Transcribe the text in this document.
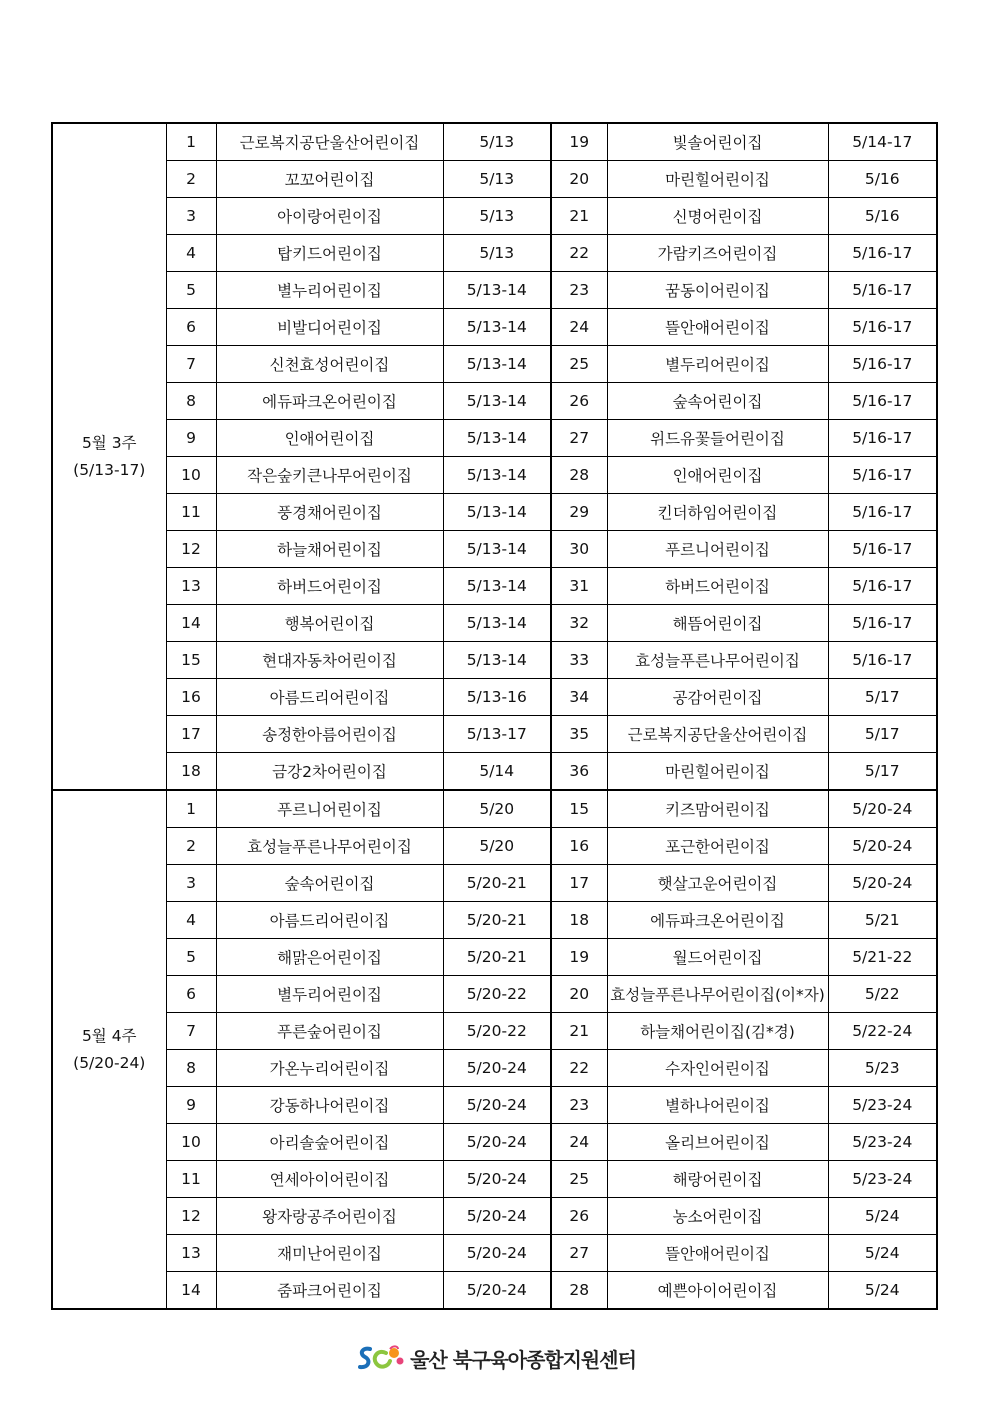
5월 3주
(5/13-17)	1	근로복지공단울산어린이집	5/13	19	빛솔어린이집	5/14-17
	2	꼬꼬어린이집	5/13	20	마린힐어린이집	5/16
	3	아이랑어린이집	5/13	21	신명어린이집	5/16
	4	탑키드어린이집	5/13	22	가람키즈어린이집	5/16-17
	5	별누리어린이집	5/13-14	23	꿈동이어린이집	5/16-17
	6	비발디어린이집	5/13-14	24	뜰안애어린이집	5/16-17
	7	신천효성어린이집	5/13-14	25	별두리어린이집	5/16-17
	8	에듀파크온어린이집	5/13-14	26	숲속어린이집	5/16-17
	9	인애어린이집	5/13-14	27	위드유꽃들어린이집	5/16-17
	10	작은숲키큰나무어린이집	5/13-14	28	인애어린이집	5/16-17
	11	풍경채어린이집	5/13-14	29	킨더하임어린이집	5/16-17
	12	하늘채어린이집	5/13-14	30	푸르니어린이집	5/16-17
	13	하버드어린이집	5/13-14	31	하버드어린이집	5/16-17
	14	행복어린이집	5/13-14	32	해뜸어린이집	5/16-17
	15	현대자동차어린이집	5/13-14	33	효성늘푸른나무어린이집	5/16-17
	16	아름드리어린이집	5/13-16	34	공감어린이집	5/17
	17	송정한아름어린이집	5/13-17	35	근로복지공단울산어린이집	5/17
	18	금강2차어린이집	5/14	36	마린힐어린이집	5/17

5월 4주
(5/20-24)	1	푸르니어린이집	5/20	15	키즈맘어린이집	5/20-24
	2	효성늘푸른나무어린이집	5/20	16	포근한어린이집	5/20-24
	3	숲속어린이집	5/20-21	17	햇살고운어린이집	5/20-24
	4	아름드리어린이집	5/20-21	18	에듀파크온어린이집	5/21
	5	해맑은어린이집	5/20-21	19	월드어린이집	5/21-22
	6	별두리어린이집	5/20-22	20	효성늘푸른나무어린이집(이*자)	5/22
	7	푸른숲어린이집	5/20-22	21	하늘채어린이집(김*경)	5/22-24
	8	가온누리어린이집	5/20-24	22	수자인어린이집	5/23
	9	강동하나어린이집	5/20-24	23	별하나어린이집	5/23-24
	10	아리솔숲어린이집	5/20-24	24	올리브어린이집	5/23-24
	11	연세아이어린이집	5/20-24	25	해랑어린이집	5/23-24
	12	왕자랑공주어린이집	5/20-24	26	농소어린이집	5/24
	13	재미난어린이집	5/20-24	27	뜰안애어린이집	5/24
	14	줌파크어린이집	5/20-24	28	예쁜아이어린이집	5/24
울산 북구육아종합지원센터
